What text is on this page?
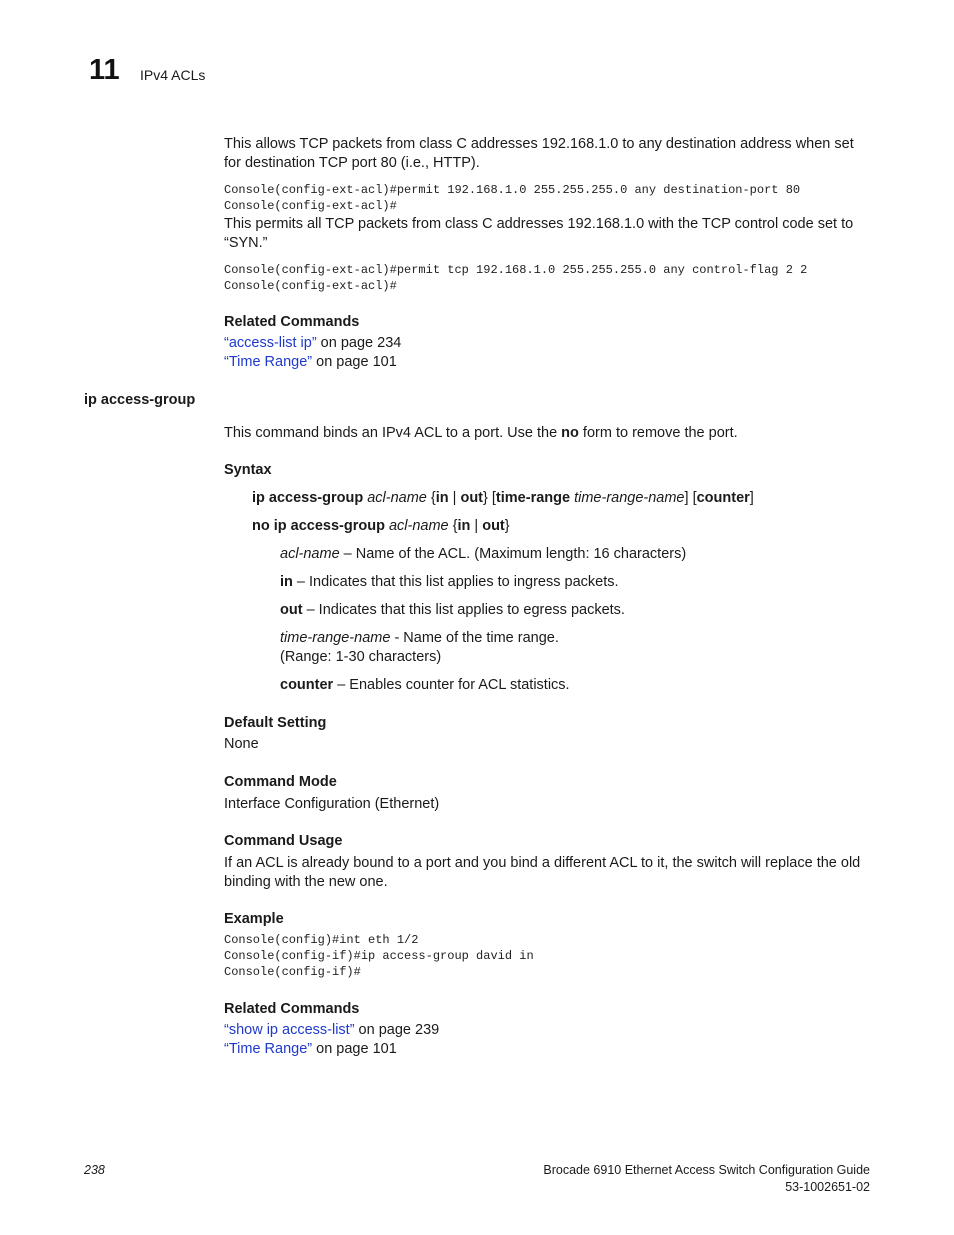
11 IPv4 ACLs

This allows TCP packets from class C addresses 192.168.1.0 to any destination address when set for destination TCP port 80 (i.e., HTTP).

Console(config-ext-acl)#permit 192.168.1.0 255.255.255.0 any destination-port 80
Console(config-ext-acl)#

This permits all TCP packets from class C addresses 192.168.1.0 with the TCP control code set to “SYN.”

Console(config-ext-acl)#permit tcp 192.168.1.0 255.255.255.0 any control-flag 2 2
Console(config-ext-acl)#
Related Commands
“access-list ip” on page 234
“Time Range” on page 101
ip access-group

This command binds an IPv4 ACL to a port. Use the no form to remove the port.

Syntax
ip access-group acl-name {in | out} [time-range time-range-name] [counter]
no ip access-group acl-name {in | out}
acl-name – Name of the ACL. (Maximum length: 16 characters)
in – Indicates that this list applies to ingress packets.
out – Indicates that this list applies to egress packets.
time-range-name - Name of the time range.
(Range: 1-30 characters)
counter – Enables counter for ACL statistics.
Default Setting
None
Command Mode
Interface Configuration (Ethernet)
Command Usage

If an ACL is already bound to a port and you bind a different ACL to it, the switch will replace the old binding with the new one.

Example
Console(config)#int eth 1/2
Console(config-if)#ip access-group david in
Console(config-if)#
Related Commands
“show ip access-list” on page 239
“Time Range” on page 101
238	Brocade 6910 Ethernet Access Switch Configuration Guide
53-1002651-02
